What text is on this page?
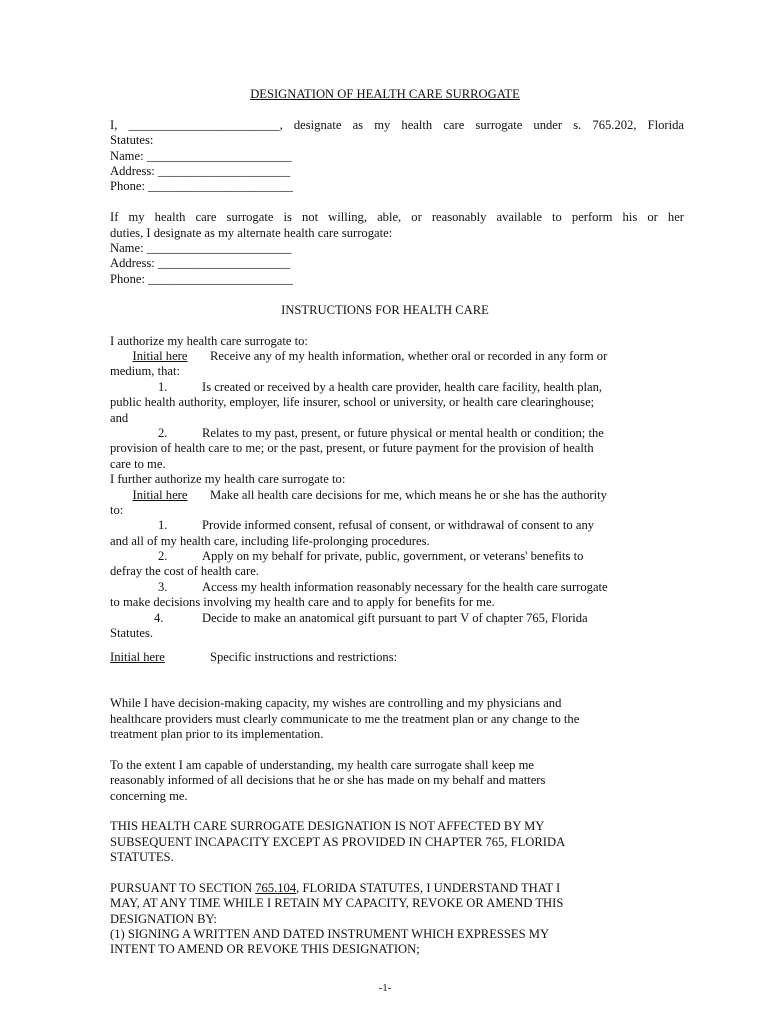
DESIGNATION OF HEALTH CARE SURROGATE
I, ________________________, designate as my health care surrogate under s. 765.202, Florida
Statutes:
Name: _______________________
Address: _____________________
Phone: _______________________
If my health care surrogate is not willing, able, or reasonably available to perform his or her
duties, I designate as my alternate health care surrogate:
Name: _______________________
Address: _____________________
Phone: _______________________
INSTRUCTIONS FOR HEALTH CARE
I authorize my health care surrogate to:
Initial here Receive any of my health information, whether oral or recorded in any form or
medium, that:
1.	Is created or received by a health care provider, health care facility, health plan,
public health authority, employer, life insurer, school or university, or health care clearinghouse;
and
2.	Relates to my past, present, or future physical or mental health or condition; the
provision of health care to me; or the past, present, or future payment for the provision of health
care to me.
I further authorize my health care surrogate to:
Initial here Make all health care decisions for me, which means he or she has the authority
to:
1.	Provide informed consent, refusal of consent, or withdrawal of consent to any
and all of my health care, including life-prolonging procedures.
2.	Apply on my behalf for private, public, government, or veterans' benefits to
defray the cost of health care.
3.	Access my health information reasonably necessary for the health care surrogate
to make decisions involving my health care and to apply for benefits for me.
4.	Decide to make an anatomical gift pursuant to part V of chapter 765, Florida
Statutes.
Initial here	Specific instructions and restrictions:
While I have decision-making capacity, my wishes are controlling and my physicians and
healthcare providers must clearly communicate to me the treatment plan or any change to the
treatment plan prior to its implementation.
To the extent I am capable of understanding, my health care surrogate shall keep me
reasonably informed of all decisions that he or she has made on my behalf and matters
concerning me.
THIS HEALTH CARE SURROGATE DESIGNATION IS NOT AFFECTED BY MY
SUBSEQUENT INCAPACITY EXCEPT AS PROVIDED IN CHAPTER 765, FLORIDA
STATUTES.
PURSUANT TO SECTION 765.104, FLORIDA STATUTES, I UNDERSTAND THAT I
MAY, AT ANY TIME WHILE I RETAIN MY CAPACITY, REVOKE OR AMEND THIS
DESIGNATION BY:
(1) SIGNING A WRITTEN AND DATED INSTRUMENT WHICH EXPRESSES MY
INTENT TO AMEND OR REVOKE THIS DESIGNATION;
-1-
